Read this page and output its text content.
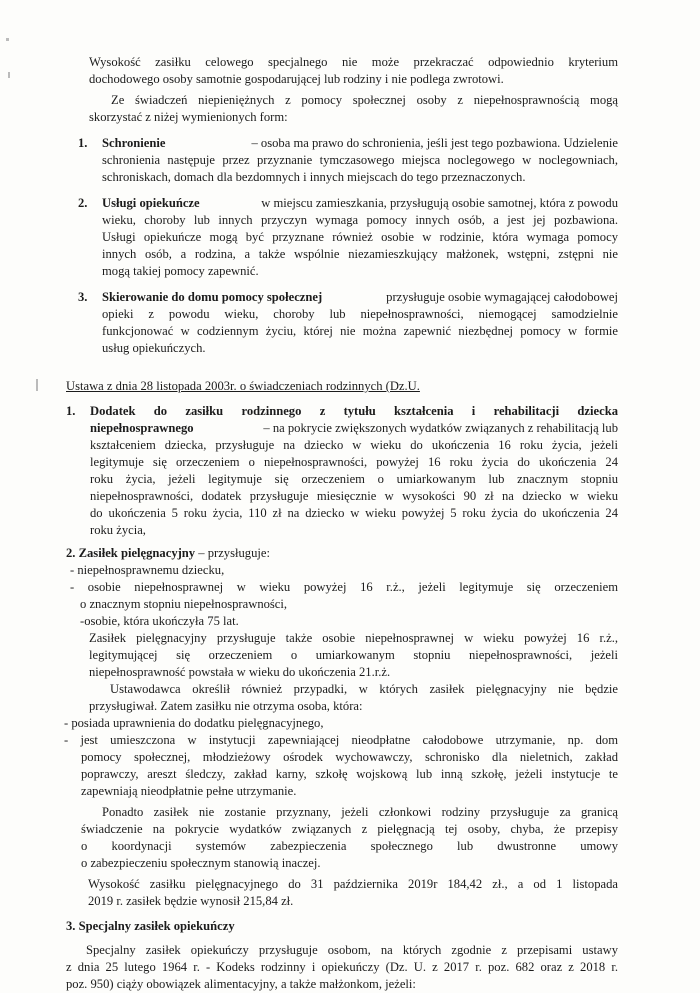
Wysokość zasiłku celowego specjalnego nie może przekraczać odpowiednio kryterium
dochodowego osoby samotnie gospodarującej lub rodziny i nie podlega zwrotowi.
Ze świadczeń niepieniężnych z pomocy społecznej osoby z niepełnosprawnością mogą
skorzystać z niżej wymienionych form:
1. Schronienie	– osoba ma prawo do schronienia, jeśli jest tego pozbawiona. Udzielenie
schronienia następuje przez przyznanie tymczasowego miejsca noclegowego w noclegowniach,
schroniskach, domach dla bezdomnych i innych miejscach do tego przeznaczonych.
2. Usługi opiekuńcze	w miejscu zamieszkania, przysługują osobie samotnej, która z powodu
wieku, choroby lub innych przyczyn wymaga pomocy innych osób, a jest jej pozbawiona.
Usługi opiekuńcze mogą być przyznane również osobie w rodzinie, która wymaga pomocy
innych osób, a rodzina, a także wspólnie niezamieszkujący małżonek, wstępni, zstępni nie
mogą takiej pomocy zapewnić.
3. Skierowanie do domu pomocy społecznej	przysługuje osobie wymagającej całodobowej
opieki z powodu wieku, choroby lub niepełnosprawności, niemogącej samodzielnie
funkcjonować w codziennym życiu, której nie można zapewnić niezbędnej pomocy w formie
usług opiekuńczych.
Ustawa z dnia 28 listopada 2003r. o świadczeniach rodzinnych (Dz.U.
1. Dodatek do zasiłku rodzinnego z tytułu kształcenia i rehabilitacji dziecka
niepełnosprawnego	– na pokrycie zwiększonych wydatków związanych z rehabilitacją lub
kształceniem dziecka, przysługuje na dziecko w wieku do ukończenia 16 roku życia, jeżeli
legitymuje się orzeczeniem o niepełnosprawności, powyżej 16 roku życia do ukończenia 24
roku życia, jeżeli legitymuje się orzeczeniem o umiarkowanym lub znacznym stopniu
niepełnosprawności, dodatek przysługuje miesięcznie w wysokości 90 zł na dziecko w wieku
do ukończenia 5 roku życia, 110 zł na dziecko w wieku powyżej 5 roku życia do ukończenia 24
roku życia,
2. Zasiłek pielęgnacyjny – przysługuje:
- niepełnosprawnemu dziecku,
- osobie niepełnosprawnej w wieku powyżej 16 r.ż., jeżeli legitymuje się orzeczeniem
o znacznym stopniu niepełnosprawności,
-osobie, która ukończyła 75 lat.
Zasiłek pielęgnacyjny przysługuje także osobie niepełnosprawnej w wieku powyżej 16 r.ż.,
legitymującej się orzeczeniem o umiarkowanym stopniu niepełnosprawności, jeżeli
niepełnosprawność powstała w wieku do ukończenia 21.r.ż.
Ustawodawca określił również przypadki, w których zasiłek pielęgnacyjny nie będzie
przysługiwał. Zatem zasiłku nie otrzyma osoba, która:
- posiada uprawnienia do dodatku pielęgnacyjnego,
- jest umieszczona w instytucji zapewniającej nieodpłatne całodobowe utrzymanie, np. dom
pomocy społecznej, młodzieżowy ośrodek wychowawczy, schronisko dla nieletnich, zakład
poprawczy, areszt śledczy, zakład karny, szkołę wojskową lub inną szkołę, jeżeli instytucje te
zapewniają nieodpłatnie pełne utrzymanie.
Ponadto zasiłek nie zostanie przyznany, jeżeli członkowi rodziny przysługuje za granicą
świadczenie na pokrycie wydatków związanych z pielęgnacją tej osoby, chyba, że przepisy
o koordynacji systemów zabezpieczenia społecznego lub dwustronne umowy
o zabezpieczeniu społecznym stanowią inaczej.
Wysokość zasiłku pielęgnacyjnego do 31 października 2019r 184,42 zł., a od 1 listopada
2019 r. zasiłek będzie wynosił 215,84 zł.
3. Specjalny zasiłek opiekuńczy
Specjalny zasiłek opiekuńczy przysługuje osobom, na których zgodnie z przepisami ustawy
z dnia 25 lutego 1964 r. - Kodeks rodzinny i opiekuńczy (Dz. U. z 2017 r. poz. 682 oraz z 2018 r.
poz. 950) ciąży obowiązek alimentacyjny, a także małżonkom, jeżeli:
